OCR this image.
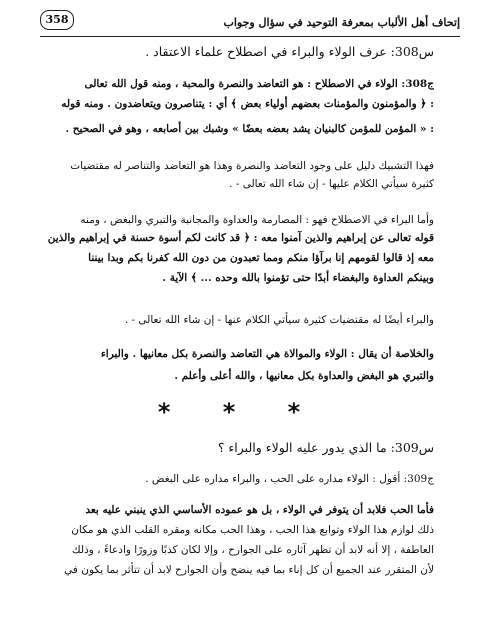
إتحاف أهل الألباب بمعرفة التوحيد في سؤال وجواب
358
س308: عرف الولاء والبراء في اصطلاح علماء الاعتقاد .
ج308: الولاء في الاصطلاح : هو التعاضد والنصرة والمحبة ، ومنه قول الله تعالى
: ﴿ والمؤمنون والمؤمنات بعضهم أولياء بعض ﴾ أي : يتناصرون ويتعاضدون . ومنه قوله
: « المؤمن للمؤمن كالبنيان يشد بعضه بعضًا » وشبك بين أصابعه ، وهو في الصحيح .
فهذا التشبيك دليل على وجود التعاضد والنصرة وهذا هو التعاضد والتناصر له مقتضيات
كثيرة سيأتي الكلام عليها - إن شاء الله تعالى - .
وأما البراء في الاصطلاح فهو : المصارمة والعداوة والمجانبة والتبري والبغض ، ومنه
قوله تعالى عن إبراهيم والذين آمنوا معه : ﴿ قد كانت لكم أسوة حسنة في إبراهيم والذين
معه إذ قالوا لقومهم إنا برآؤا منكم ومما تعبدون من دون الله كفرنا بكم وبدا بيننا
وبينكم العداوة والبغضاء أبدًا حتى تؤمنوا بالله وحده ... ﴾ الآية .
والبراء أيضًا له مقتضيات كثيرة سيأتي الكلام عنها - إن شاء الله تعالى - .
والخلاصة أن يقال : الولاء والموالاة هي التعاضد والنصرة بكل معانيها . والبراء
والتبري هو البغض والعداوة بكل معانيها ، والله أعلى وأعلم .
* * *
س309: ما الذي يدور عليه الولاء والبراء ؟
ج309: أقول : الولاء مداره على الحب ، والبراء مداره على البغض .
فأما الحب فلابد أن يتوفر في الولاء ، بل هو عموده الأساسي الذي ينبني عليه بعد
ذلك لوازم هذا الولاء وتوابع هذا الحب ، وهذا الحب مكانه ومقره القلب الذي هو مكان
العاطفة ، إلا أنه لابد أن تظهر آثاره على الجوارح ، وإلا لكان كذبًا وزورًا وادعاءً ، وذلك
لأن المتقرر عند الجميع أن كل إناء بما فيه ينضح وأن الجوارح لابد أن تتأثر بما يكون في
